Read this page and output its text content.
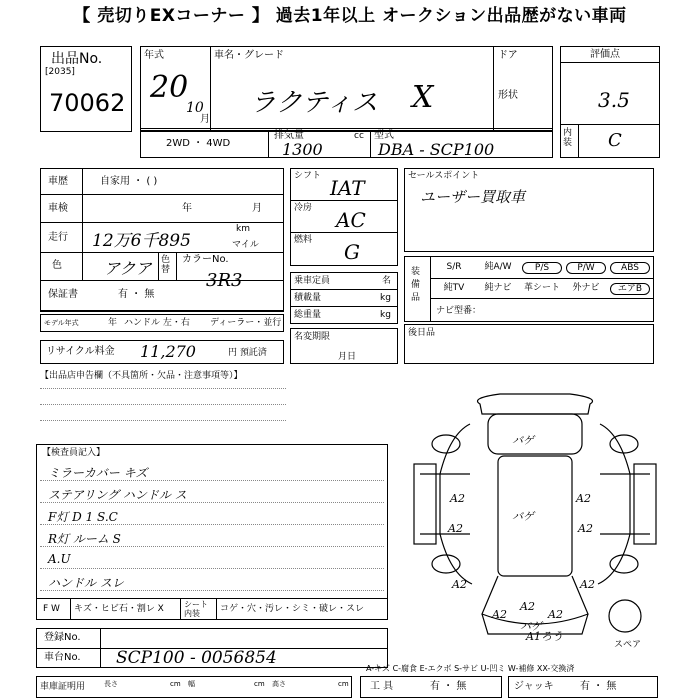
【 売切りEXコーナー 】 過去1年以上 オークション出品歴がない車両
出品No.
[2035]
70062
年式
20
10
月
車名・グレード
ラクティス X
ドア
形状
2WD ・ 4WD
排気量	cc
1300
型式
DBA - SCP100
評価点
3.5
内装 C
車歴	自家用 ・ ( )
車検	年	月
走行 12万6千895
km
マイル
色	アクア 色替
カラーNo.
3R3
保証書	有 ・ 無
モデル年式	年 ハンドル 左・右 ディーラー・並行
リサイクル料金 11,270	円 預託済
シフト IAT
冷房 AC
燃料 G
乗車定員	名
積載量	kg
総重量	kg
名変期限
月日
セールスポイント
ユーザー買取車
装備品
S/R	純A/W	P/S	P/W	ABS
純TV	純ナビ	革シート	外ナビ	エアB
ナビ型番：
後日品
【出品店申告欄（不具箇所・欠品・注意事項等）】
【検査員記入】
ミラーカバー キズ
ステアリング ハンドル ス
F灯 D 1 S.C
R灯 ルーム S
A.U
ハンドル スレ
F W キズ・ヒビ石・割レ X	シート内装	コゲ・穴・汚レ・シミ・破レ・スレ
登録No.
車台No. SCP100 - 0056854
車庫証明用	長さ	cm 幅	cm 高さ	cm 工 具	有 ・ 無	ジャッキ	有 ・ 無
A-キズ C-腐食 E-エクボ S-サビ U-凹ミ W-補修 XX-交換済
バゲ
A2
A2
A2
バゲ
A2
A2	A2
A2
A2
A2
バゲ
A1ろう
スペア
